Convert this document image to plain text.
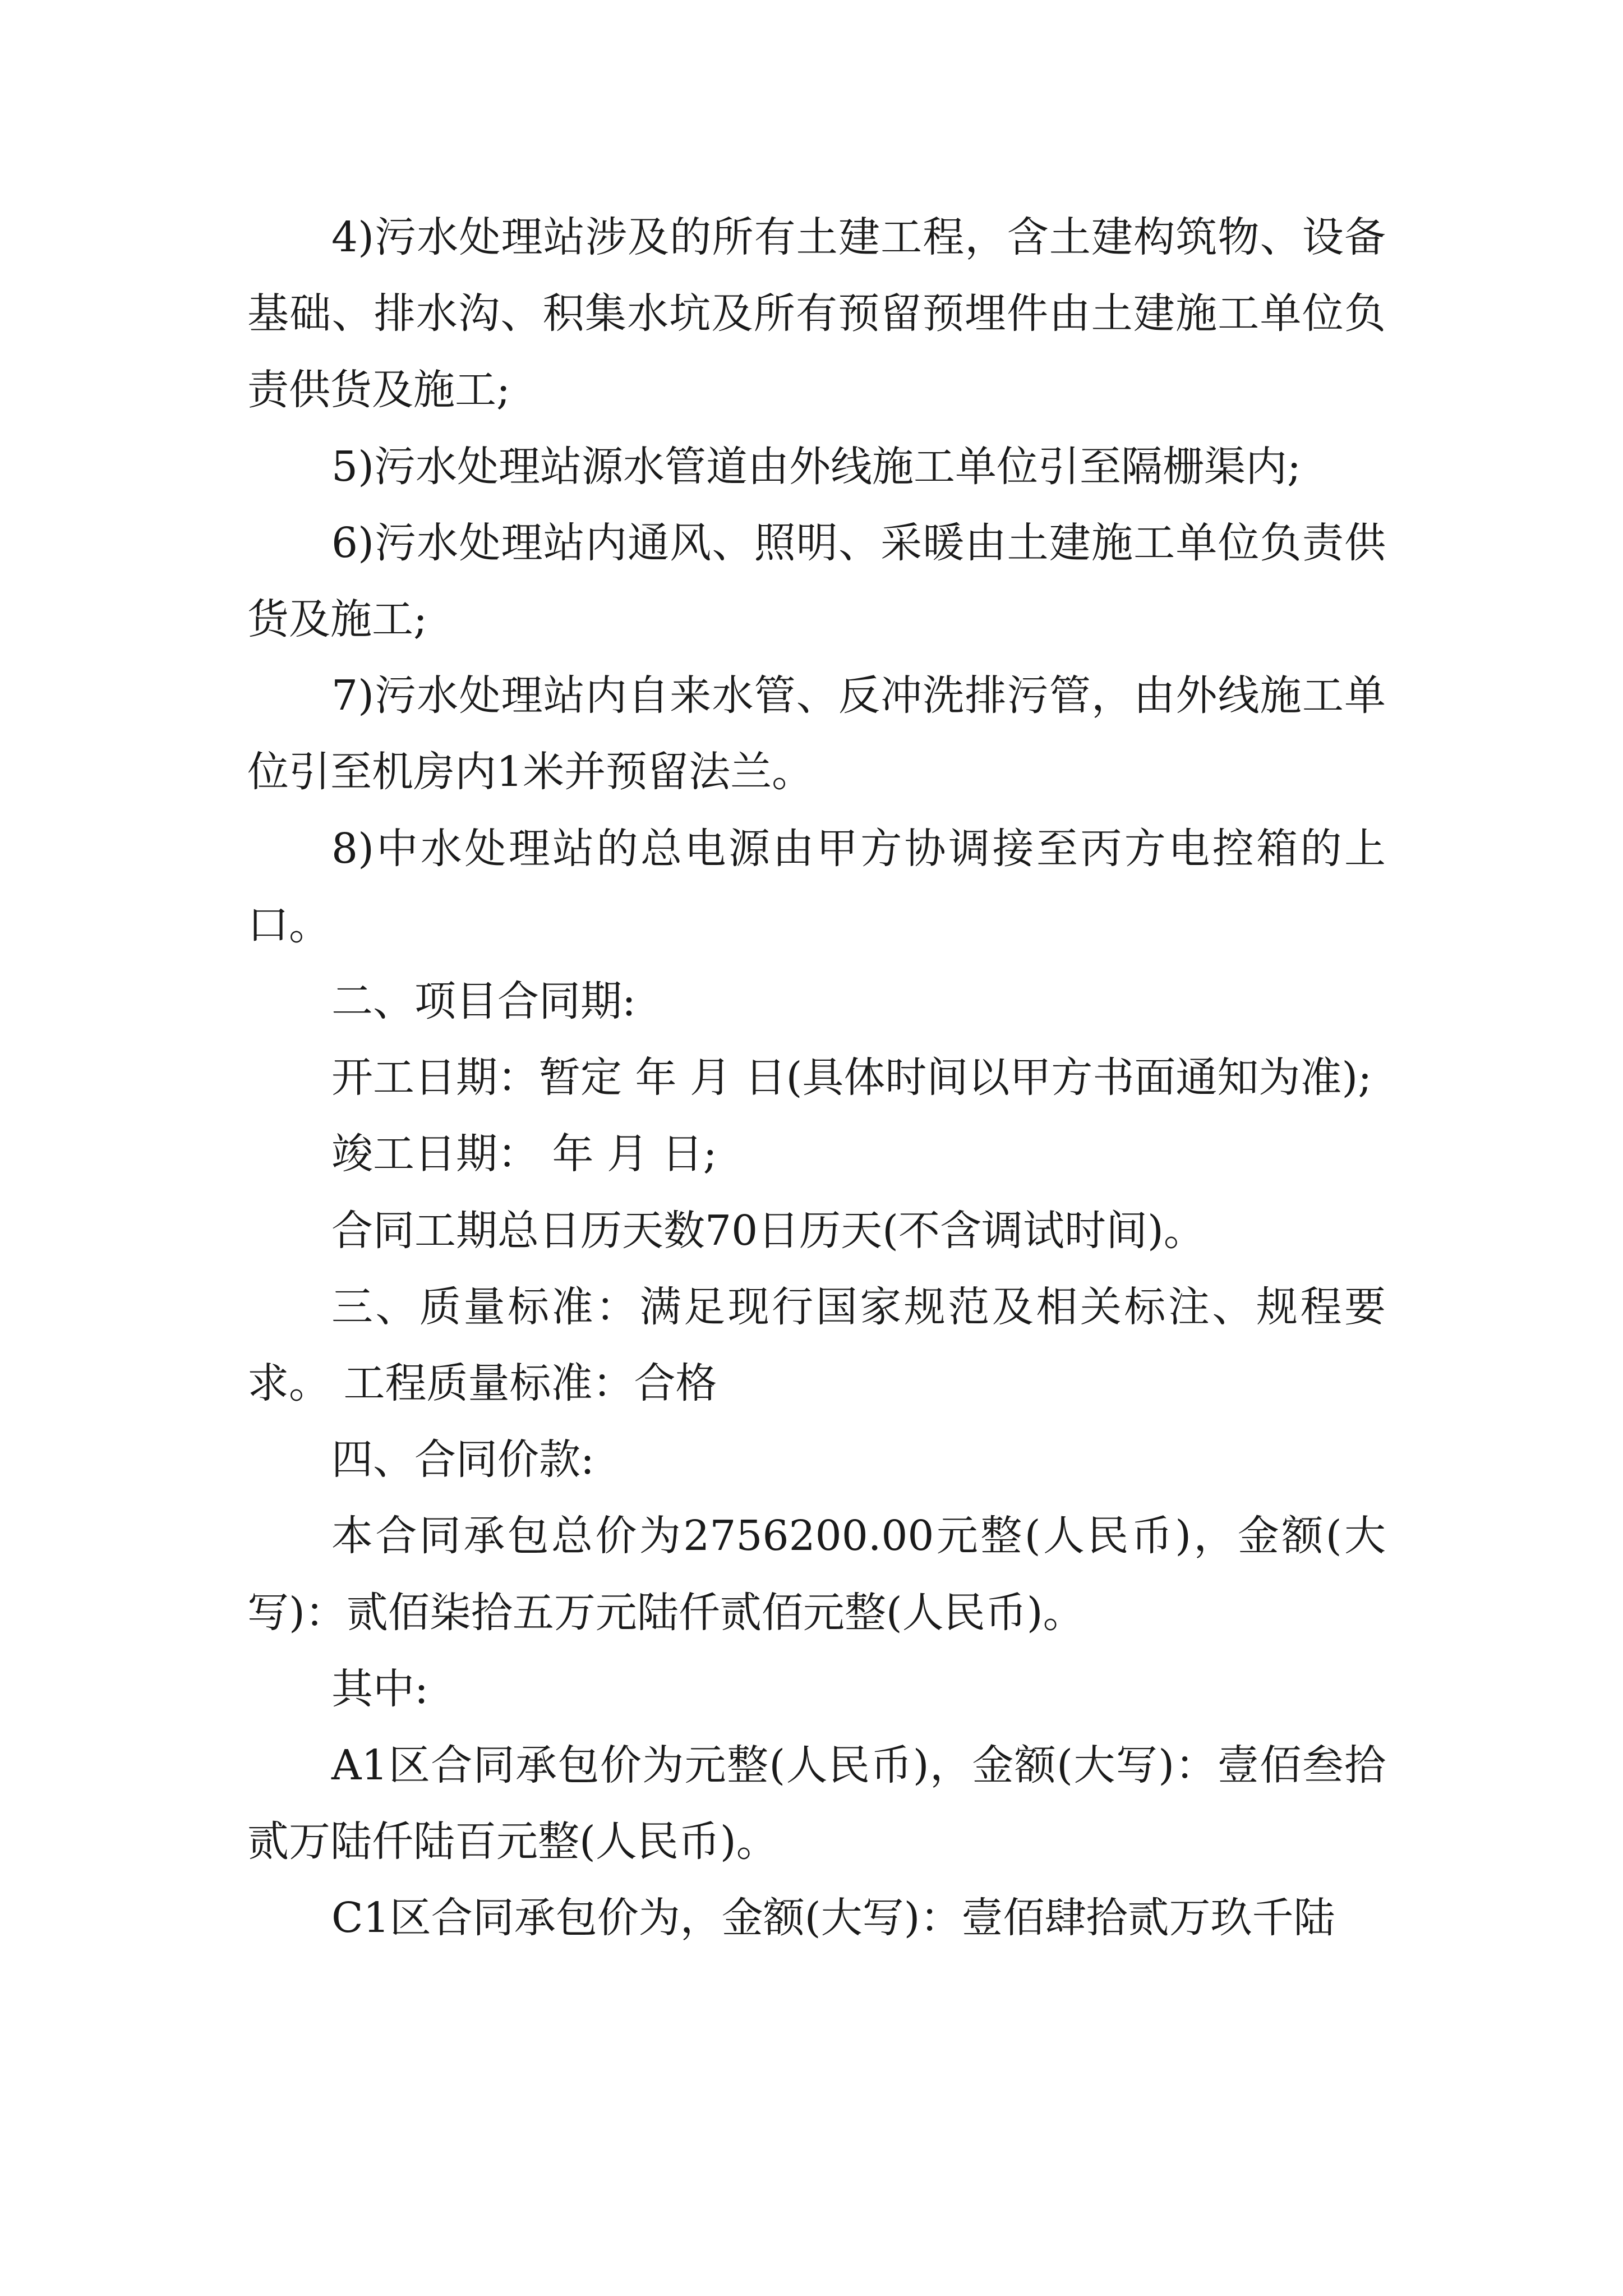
4)污水处理站涉及的所有土建工程，含土建构筑物、设备基础、排水沟、积集水坑及所有预留预埋件由土建施工单位负责供货及施工;

5)污水处理站源水管道由外线施工单位引至隔栅渠内;

6)污水处理站内通风、照明、采暖由土建施工单位负责供货及施工;

7)污水处理站内自来水管、反冲洗排污管，由外线施工单位引至机房内1米并预留法兰。

8)中水处理站的总电源由甲方协调接至丙方电控箱的上口。

二、项目合同期:

开工日期：暂定 年 月 日(具体时间以甲方书面通知为准);

竣工日期： 年 月 日;

合同工期总日历天数70日历天(不含调试时间)。

三、质量标准：满足现行国家规范及相关标注、规程要求。 工程质量标准：合格

四、合同价款:

本合同承包总价为2756200.00元整(人民币)，金额(大写)：贰佰柒拾五万元陆仟贰佰元整(人民币)。

其中:

A1区合同承包价为元整(人民币)，金额(大写)：壹佰叁拾贰万陆仟陆百元整(人民币)。

C1区合同承包价为，金额(大写)：壹佰肆拾贰万玖千陆
